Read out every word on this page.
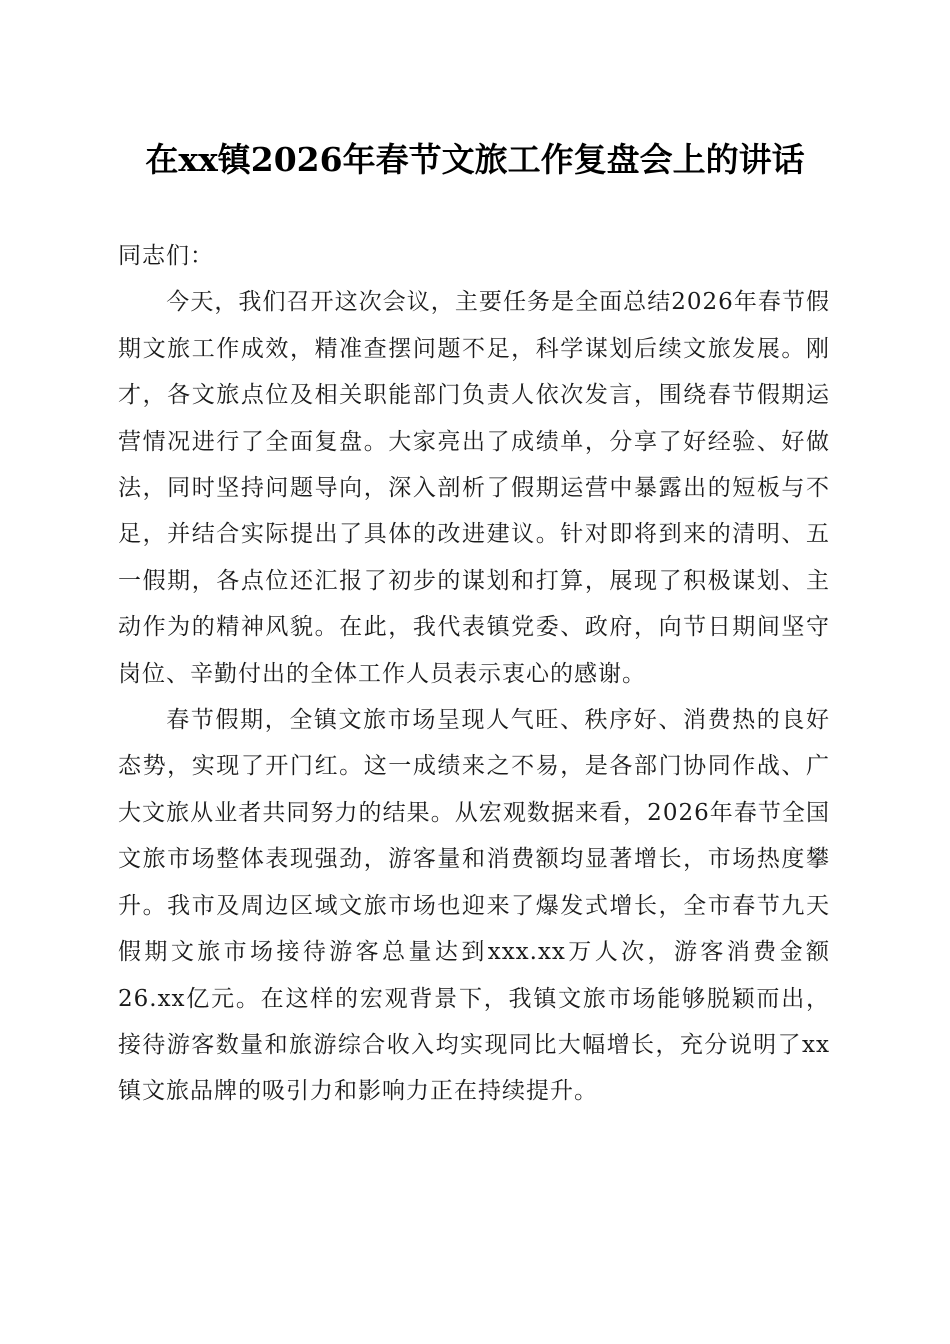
在xx镇2026年春节文旅工作复盘会上的讲话

同志们：

今天，我们召开这次会议，主要任务是全面总结2026年春节假期文旅工作成效，精准查摆问题不足，科学谋划后续文旅发展。刚才，各文旅点位及相关职能部门负责人依次发言，围绕春节假期运营情况进行了全面复盘。大家亮出了成绩单，分享了好经验、好做法，同时坚持问题导向，深入剖析了假期运营中暴露出的短板与不足，并结合实际提出了具体的改进建议。针对即将到来的清明、五一假期，各点位还汇报了初步的谋划和打算，展现了积极谋划、主动作为的精神风貌。在此，我代表镇党委、政府，向节日期间坚守岗位、辛勤付出的全体工作人员表示衷心的感谢。

春节假期，全镇文旅市场呈现人气旺、秩序好、消费热的良好态势，实现了开门红。这一成绩来之不易，是各部门协同作战、广大文旅从业者共同努力的结果。从宏观数据来看，2026年春节全国文旅市场整体表现强劲，游客量和消费额均显著增长，市场热度攀升。我市及周边区域文旅市场也迎来了爆发式增长，全市春节九天假期文旅市场接待游客总量达到xxx.xx万人次，游客消费金额26.xx亿元。在这样的宏观背景下，我镇文旅市场能够脱颖而出，接待游客数量和旅游综合收入均实现同比大幅增长，充分说明了xx镇文旅品牌的吸引力和影响力正在持续提升。
